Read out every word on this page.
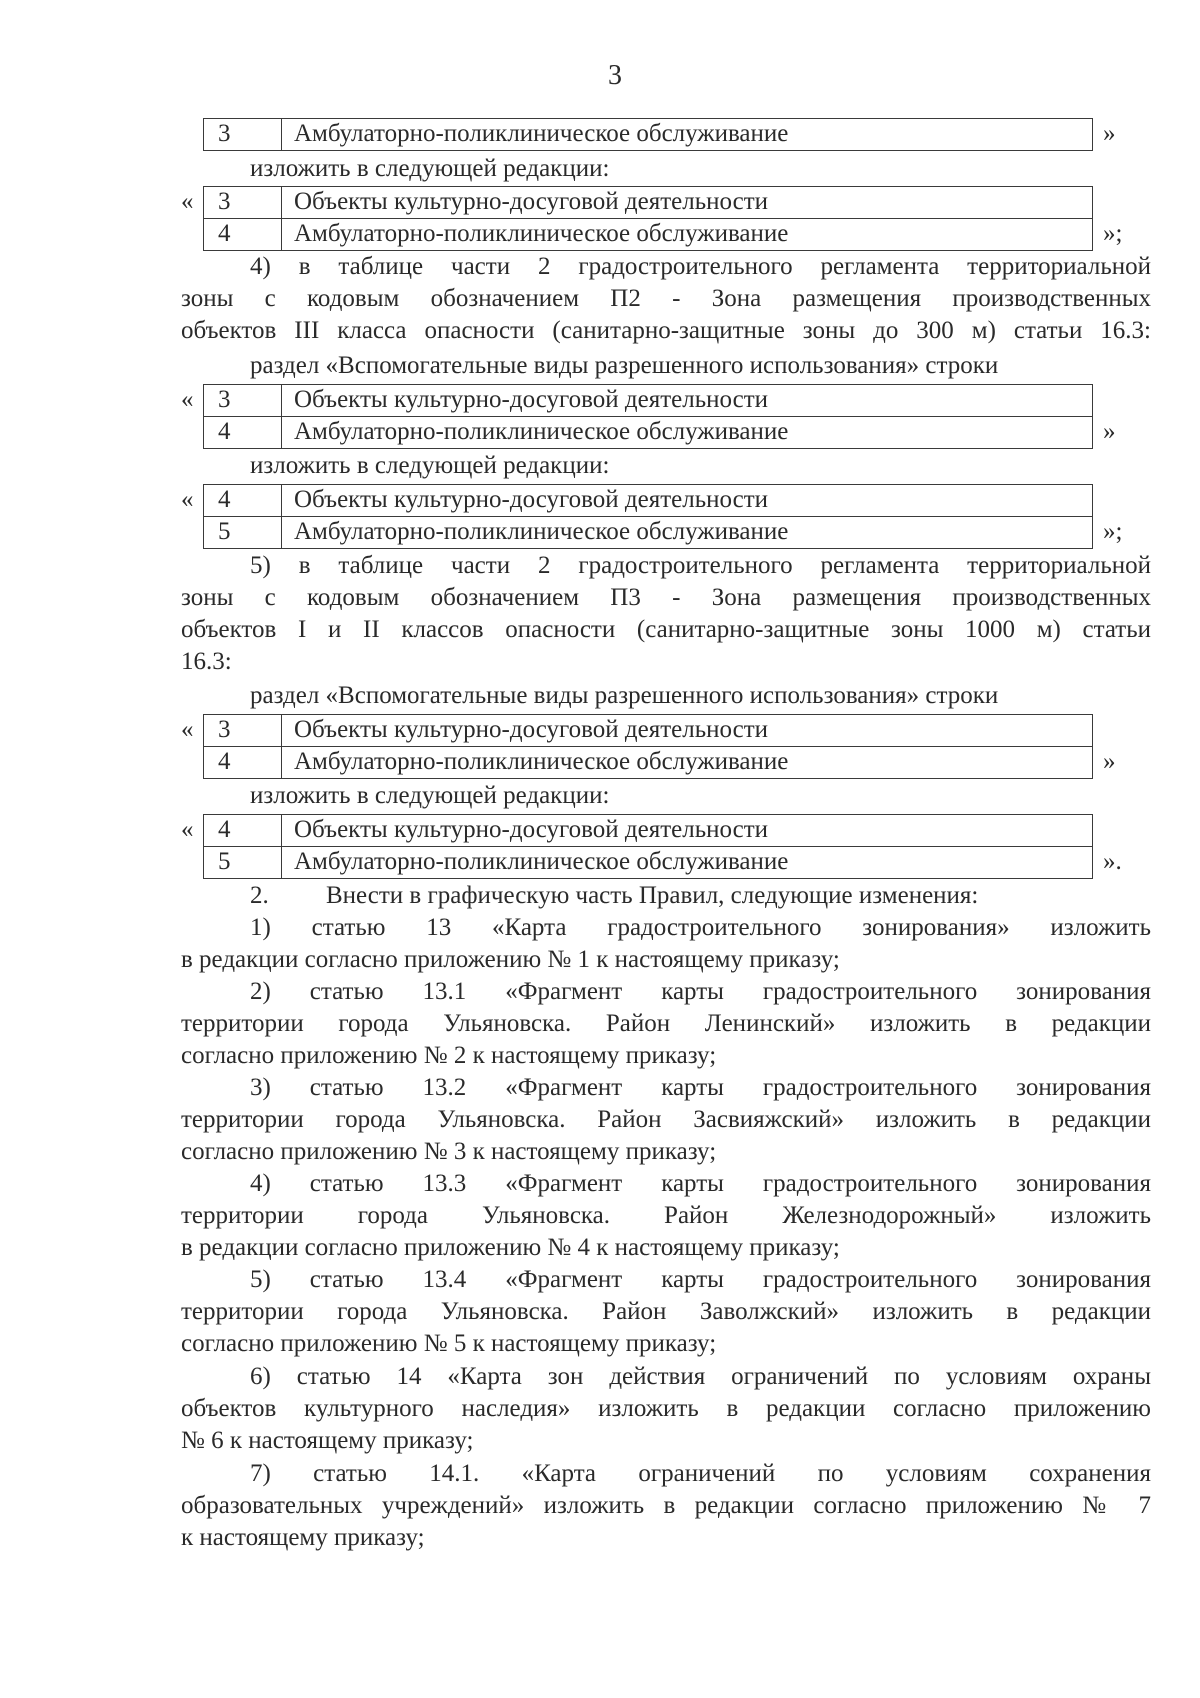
3
3	Амбулаторно-поликлиническое обслуживание	»
изложить в следующей редакции:
« 3	Объекты культурно-досуговой деятельности
4	Амбулаторно-поликлиническое обслуживание	»;
4) в таблице части 2 градостроительного регламента территориальной
зоны с кодовым обозначением П2 - Зона размещения производственных
объектов III класса опасности (санитарно-защитные зоны до 300 м) статьи 16.3:
раздел «Вспомогательные виды разрешенного использования» строки
« 3	Объекты культурно-досуговой деятельности
4	Амбулаторно-поликлиническое обслуживание	»
изложить в следующей редакции:
« 4	Объекты культурно-досуговой деятельности
5	Амбулаторно-поликлиническое обслуживание	»;
5) в таблице части 2 градостроительного регламента территориальной
зоны с кодовым обозначением П3 - Зона размещения производственных
объектов I и II классов опасности (санитарно-защитные зоны 1000 м) статьи
16.3:
раздел «Вспомогательные виды разрешенного использования» строки
« 3	Объекты культурно-досуговой деятельности
4	Амбулаторно-поликлиническое обслуживание	»
изложить в следующей редакции:
« 4	Объекты культурно-досуговой деятельности
5	Амбулаторно-поликлиническое обслуживание	».
2. Внести в графическую часть Правил, следующие изменения:
1) статью 13 «Карта градостроительного зонирования» изложить
в редакции согласно приложению № 1 к настоящему приказу;
2) статью 13.1 «Фрагмент карты градостроительного зонирования
территории города Ульяновска. Район Ленинский» изложить в редакции
согласно приложению № 2 к настоящему приказу;
3) статью 13.2 «Фрагмент карты градостроительного зонирования
территории города Ульяновска. Район Засвияжский» изложить в редакции
согласно приложению № 3 к настоящему приказу;
4) статью 13.3 «Фрагмент карты градостроительного зонирования
территории города Ульяновска. Район Железнодорожный» изложить
в редакции согласно приложению № 4 к настоящему приказу;
5) статью 13.4 «Фрагмент карты градостроительного зонирования
территории города Ульяновска. Район Заволжский» изложить в редакции
согласно приложению № 5 к настоящему приказу;
6) статью 14 «Карта зон действия ограничений по условиям охраны
объектов культурного наследия» изложить в редакции согласно приложению
№ 6 к настоящему приказу;
7) статью 14.1. «Карта ограничений по условиям сохранения
образовательных учреждений» изложить в редакции согласно приложению № 7
к настоящему приказу;
